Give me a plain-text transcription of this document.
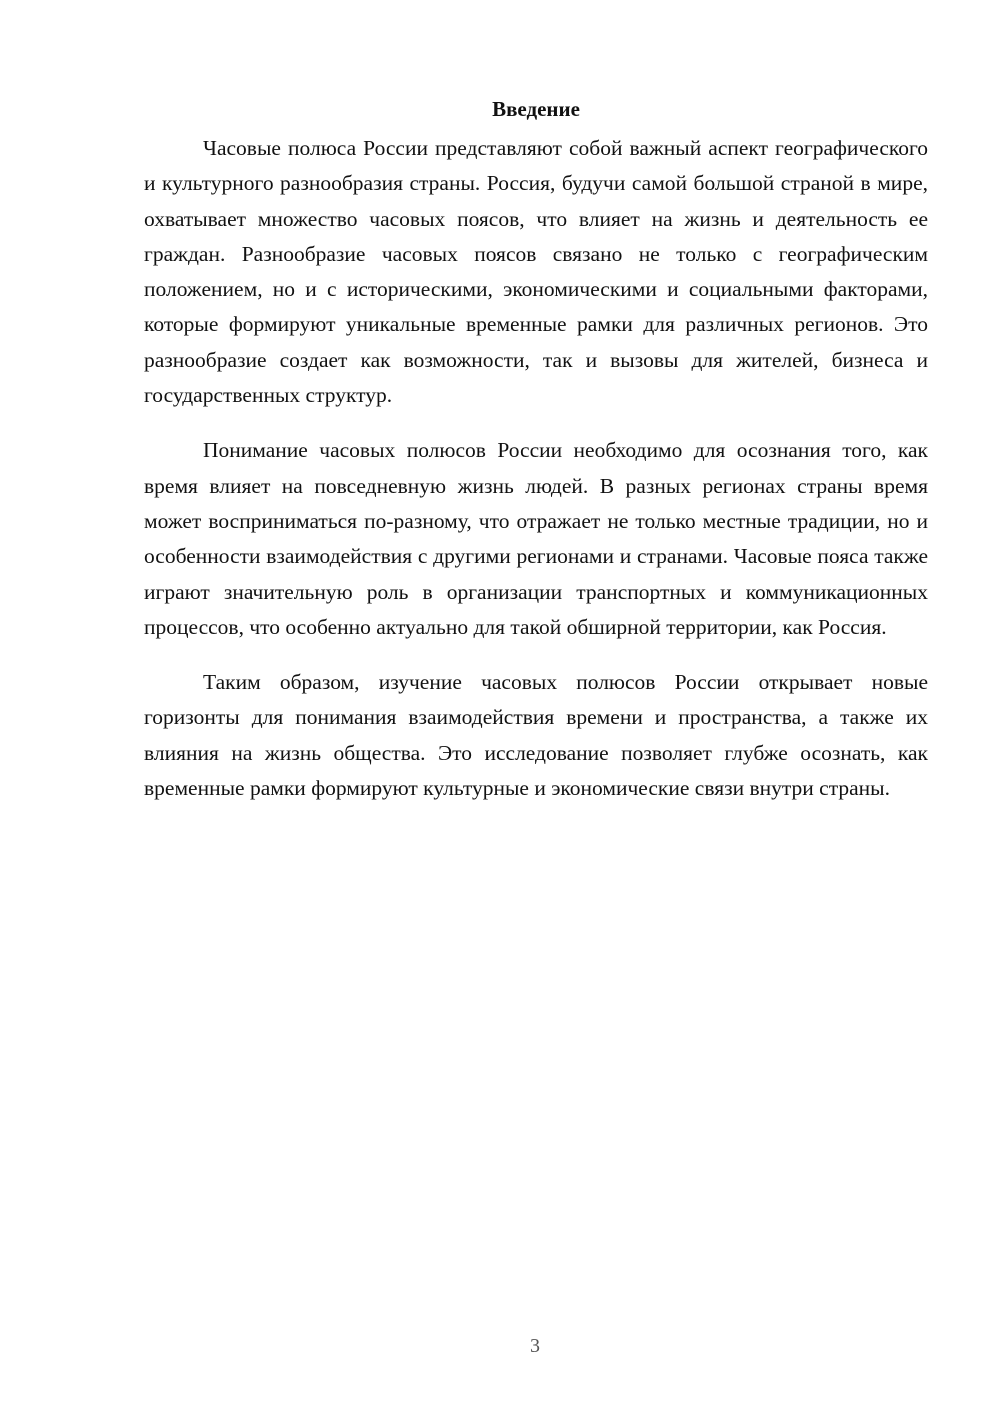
Введение

Часовые полюса России представляют собой важный аспект географического и культурного разнообразия страны. Россия, будучи самой большой страной в мире, охватывает множество часовых поясов, что влияет на жизнь и деятельность ее граждан. Разнообразие часовых поясов связано не только с географическим положением, но и с историческими, экономическими и социальными факторами, которые формируют уникальные временные рамки для различных регионов. Это разнообразие создает как возможности, так и вызовы для жителей, бизнеса и государственных структур.

Понимание часовых полюсов России необходимо для осознания того, как время влияет на повседневную жизнь людей. В разных регионах страны время может восприниматься по-разному, что отражает не только местные традиции, но и особенности взаимодействия с другими регионами и странами. Часовые пояса также играют значительную роль в организации транспортных и коммуникационных процессов, что особенно актуально для такой обширной территории, как Россия.

Таким образом, изучение часовых полюсов России открывает новые горизонты для понимания взаимодействия времени и пространства, а также их влияния на жизнь общества. Это исследование позволяет глубже осознать, как временные рамки формируют культурные и экономические связи внутри страны.

3
